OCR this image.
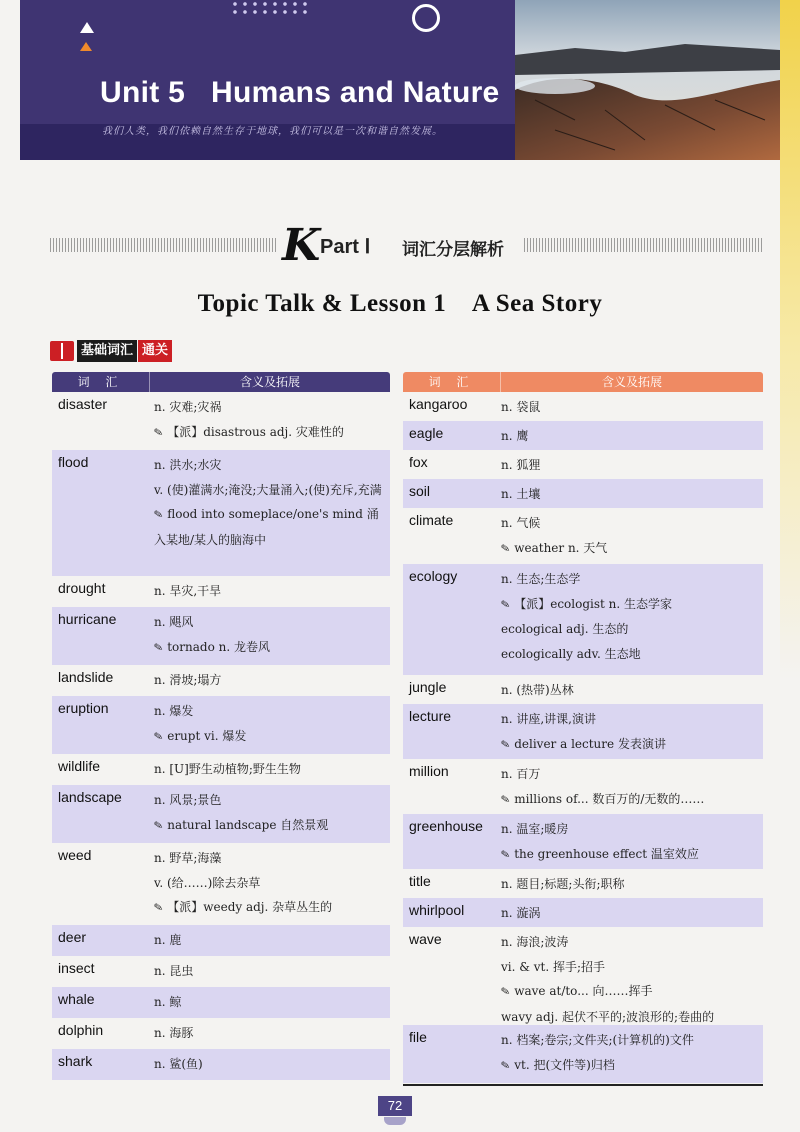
Unit 5   Humans and Nature
我们人类，我们依赖自然生存于地球，我们可以是一次和谐自然发展。
K Part Ⅰ 词汇分层解析
Topic Talk & Lesson 1    A Sea Story
基础词汇 通关
词 汇	含义及拓展
disaster	n. 灾难;灾祸
✎ 【派】disastrous adj. 灾难性的
flood	n. 洪水;水灾
v. (使)灌满水;淹没;大量涌入;(使)充斥,充满
✎ flood into someplace/one's mind 涌入某地/某人的脑海中
drought	n. 旱灾,干旱
hurricane	n. 飓风
✎ tornado n. 龙卷风
landslide	n. 滑坡;塌方
eruption	n. 爆发
✎ erupt vi. 爆发
wildlife	n. [U]野生动植物;野生生物
landscape	n. 风景;景色
✎ natural landscape 自然景观
weed	n. 野草;海藻
v. (给……)除去杂草
✎ 【派】weedy adj. 杂草丛生的
deer	n. 鹿
insect	n. 昆虫
whale	n. 鲸
dolphin	n. 海豚
shark	n. 鲨(鱼)
词 汇	含义及拓展
kangaroo	n. 袋鼠
eagle	n. 鹰
fox	n. 狐狸
soil	n. 土壤
climate	n. 气候
✎ weather n. 天气
ecology	n. 生态;生态学
✎ 【派】ecologist n. 生态学家
ecological adj. 生态的
ecologically adv. 生态地
jungle	n. (热带)丛林
lecture	n. 讲座,讲课,演讲
✎ deliver a lecture 发表演讲
million	n. 百万
✎ millions of... 数百万的/无数的……
greenhouse n. 温室;暖房
✎ the greenhouse effect 温室效应
title	n. 题目;标题;头衔;职称
whirlpool	n. 漩涡
wave	n. 海浪;波涛
vi. & vt. 挥手;招手
✎ wave at/to... 向……挥手
wavy adj. 起伏不平的;波浪形的;卷曲的
file	n. 档案;卷宗;文件夹;(计算机的)文件
✎ vt. 把(文件等)归档
72
